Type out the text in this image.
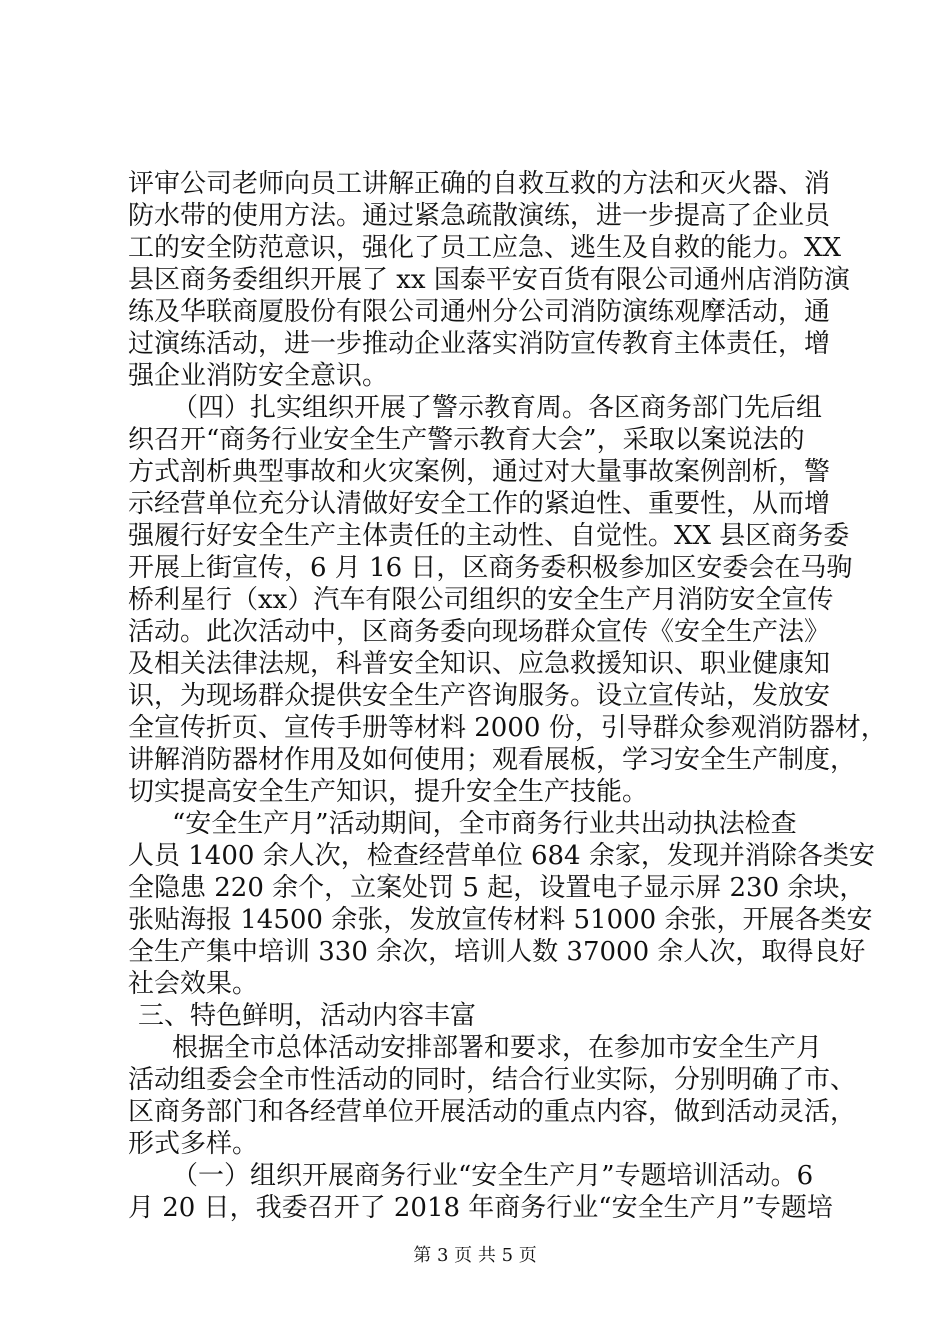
评审公司老师向员工讲解正确的自救互救的方法和灭火器、消
防水带的使用方法。通过紧急疏散演练，进一步提高了企业员
工的安全防范意识，强化了员工应急、逃生及自救的能力。XX
县区商务委组织开展了 xx 国泰平安百货有限公司通州店消防演
练及华联商厦股份有限公司通州分公司消防演练观摩活动，通
过演练活动，进一步推动企业落实消防宣传教育主体责任，增
强企业消防安全意识。
（四）扎实组织开展了警示教育周。各区商务部门先后组
织召开“商务行业安全生产警示教育大会”，采取以案说法的
方式剖析典型事故和火灾案例，通过对大量事故案例剖析，警
示经营单位充分认清做好安全工作的紧迫性、重要性，从而增
强履行好安全生产主体责任的主动性、自觉性。XX 县区商务委
开展上街宣传，6 月 16 日，区商务委积极参加区安委会在马驹
桥利星行（xx）汽车有限公司组织的安全生产月消防安全宣传
活动。此次活动中，区商务委向现场群众宣传《安全生产法》
及相关法律法规，科普安全知识、应急救援知识、职业健康知
识，为现场群众提供安全生产咨询服务。设立宣传站，发放安
全宣传折页、宣传手册等材料 2000 份，引导群众参观消防器材，
讲解消防器材作用及如何使用；观看展板，学习安全生产制度，
切实提高安全生产知识，提升安全生产技能。
“安全生产月”活动期间，全市商务行业共出动执法检查
人员 1400 余人次，检查经营单位 684 余家，发现并消除各类安
全隐患 220 余个，立案处罚 5 起，设置电子显示屏 230 余块，
张贴海报 14500 余张，发放宣传材料 51000 余张，开展各类安
全生产集中培训 330 余次，培训人数 37000 余人次，取得良好
社会效果。
三、特色鲜明，活动内容丰富
根据全市总体活动安排部署和要求，在参加市安全生产月
活动组委会全市性活动的同时，结合行业实际，分别明确了市、
区商务部门和各经营单位开展活动的重点内容，做到活动灵活，
形式多样。
（一）组织开展商务行业“安全生产月”专题培训活动。6
月 20 日，我委召开了 2018 年商务行业“安全生产月”专题培
第 3 页 共 5 页
